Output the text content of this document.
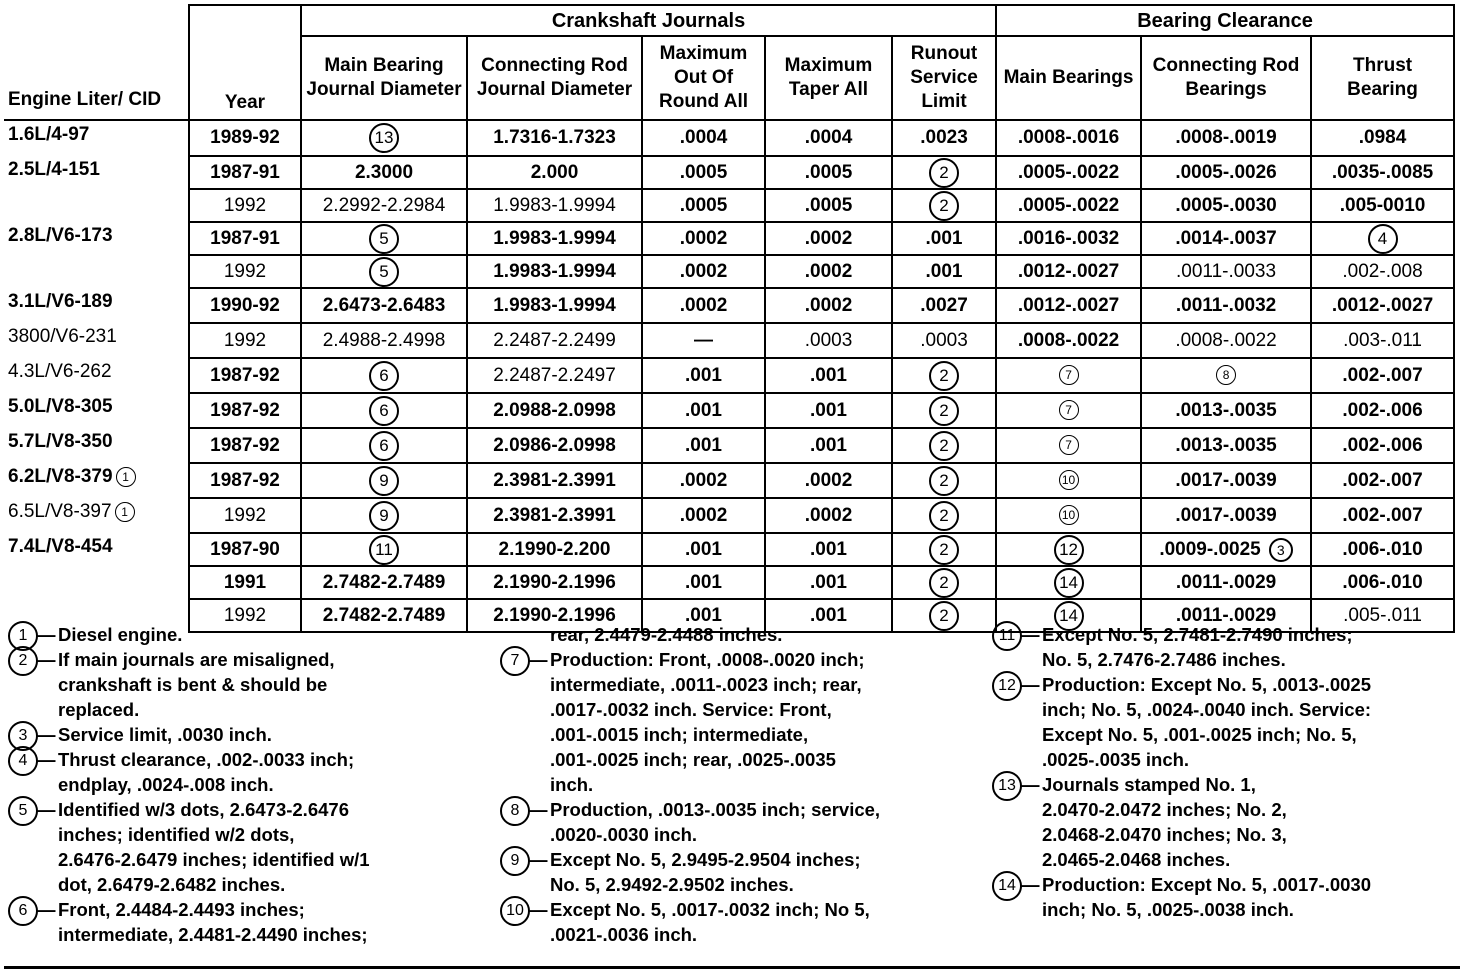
Engine Liter/ CID	Year	Crankshaft Journals					Bearing Clearance		
		Main Bearing Journal Diameter	Connecting Rod Journal Diameter	Maximum Out Of Round All	Maximum Taper All	Runout Service Limit	Main Bearings	Connecting Rod Bearings	Thrust Bearing
1.6L/4-97	1989-92	13	1.7316-1.7323	.0004	.0004	.0023	.0008-.0016	.0008-.0019	.0984
2.5L/4-151	1987-91	2.3000	2.000	.0005	.0005	2	.0005-.0022	.0005-.0026	.0035-.0085
	1992	2.2992-2.2984	1.9983-1.9994	.0005	.0005	2	.0005-.0022	.0005-.0030	.005-0010
2.8L/V6-173	1987-91	5	1.9983-1.9994	.0002	.0002	.001	.0016-.0032	.0014-.0037	4
	1992	5	1.9983-1.9994	.0002	.0002	.001	.0012-.0027	.0011-.0033	.002-.008
3.1L/V6-189	1990-92	2.6473-2.6483	1.9983-1.9994	.0002	.0002	.0027	.0012-.0027	.0011-.0032	.0012-.0027
3800/V6-231	1992	2.4988-2.4998	2.2487-2.2499	—	.0003	.0003	.0008-.0022	.0008-.0022	.003-.011
4.3L/V6-262	1987-92	6	2.2487-2.2497	.001	.001	2	7	8	.002-.007
5.0L/V8-305	1987-92	6	2.0988-2.0998	.001	.001	2	7	.0013-.0035	.002-.006
5.7L/V8-350	1987-92	6	2.0986-2.0998	.001	.001	2	7	.0013-.0035	.002-.006
6.2L/V8-379 1	1987-92	9	2.3981-2.3991	.0002	.0002	2	10	.0017-.0039	.002-.007
6.5L/V8-397 1	1992	9	2.3981-2.3991	.0002	.0002	2	10	.0017-.0039	.002-.007
7.4L/V8-454	1987-90	11	2.1990-2.200	.001	.001	2	12	.0009-.0025 3	.006-.010
	1991	2.7482-2.7489	2.1990-2.1996	.001	.001	2	14	.0011-.0029	.006-.010
	1992	2.7482-2.7489	2.1990-2.1996	.001	.001	2	14	.0011-.0029	.005-.011
1 — Diesel engine.
2 — If main journals are misaligned,
crankshaft is bent & should be
replaced.
3 — Service limit, .0030 inch.
4 — Thrust clearance, .002-.0033 inch;
endplay, .0024-.008 inch.
5 — Identified w/3 dots, 2.6473-2.6476
inches; identified w/2 dots,
2.6476-2.6479 inches; identified w/1
dot, 2.6479-2.6482 inches.
6 — Front, 2.4484-2.4493 inches;
intermediate, 2.4481-2.4490 inches;
rear, 2.4479-2.4488 inches.
7 — Production: Front, .0008-.0020 inch;
intermediate, .0011-.0023 inch; rear,
.0017-.0032 inch. Service: Front,
.001-.0015 inch; intermediate,
.001-.0025 inch; rear, .0025-.0035
inch.
8 — Production, .0013-.0035 inch; service,
.0020-.0030 inch.
9 — Except No. 5, 2.9495-2.9504 inches;
No. 5, 2.9492-2.9502 inches.
10 — Except No. 5, .0017-.0032 inch; No 5,
.0021-.0036 inch.
11 — Except No. 5, 2.7481-2.7490 inches;
No. 5, 2.7476-2.7486 inches.
12 — Production: Except No. 5, .0013-.0025
inch; No. 5, .0024-.0040 inch. Service:
Except No. 5, .001-.0025 inch; No. 5,
.0025-.0035 inch.
13 — Journals stamped No. 1,
2.0470-2.0472 inches; No. 2,
2.0468-2.0470 inches; No. 3,
2.0465-2.0468 inches.
14 — Production: Except No. 5, .0017-.0030
inch; No. 5, .0025-.0038 inch.
